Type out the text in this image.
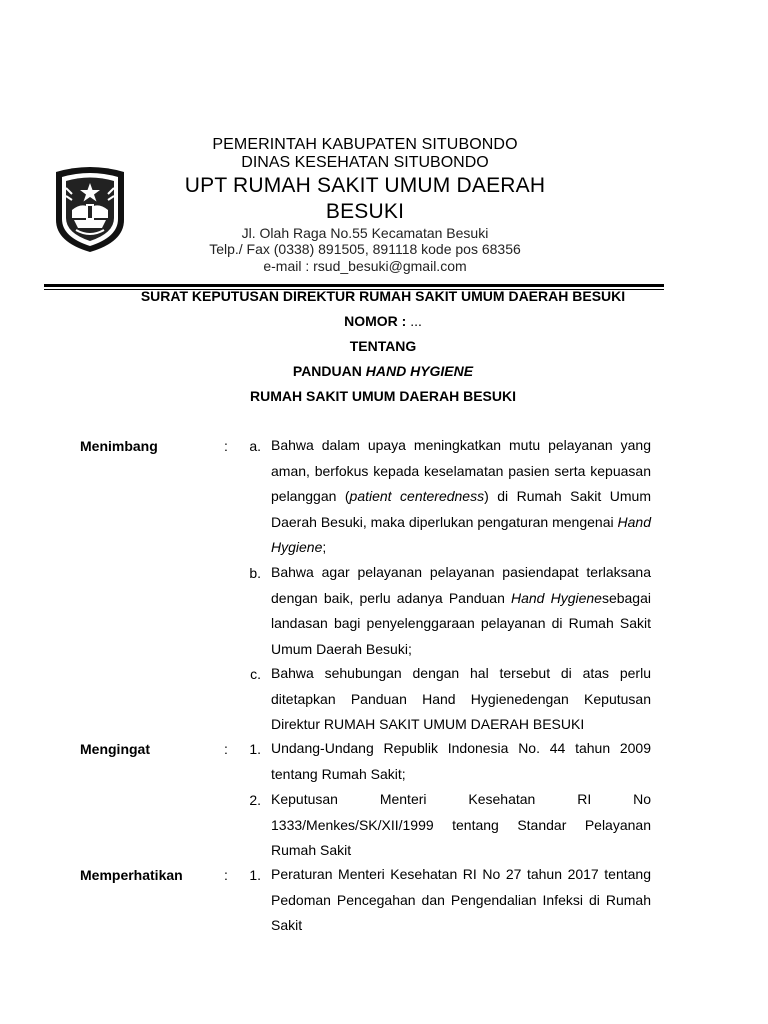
PEMERINTAH KABUPATEN SITUBONDO
DINAS KESEHATAN SITUBONDO
UPT RUMAH SAKIT UMUM DAERAH
BESUKI
Jl. Olah Raga No.55 Kecamatan Besuki
Telp./ Fax (0338) 891505, 891118 kode pos 68356
e-mail : rsud_besuki@gmail.com
SURAT KEPUTUSAN DIREKTUR RUMAH SAKIT UMUM DAERAH BESUKI
NOMOR : ...
TENTANG
PANDUAN HAND HYGIENE
RUMAH SAKIT UMUM DAERAH BESUKI
Menimbang	:	a. Bahwa dalam upaya meningkatkan mutu pelayanan yang aman, berfokus kepada keselamatan pasien serta kepuasan pelanggan (patient centeredness) di Rumah Sakit Umum Daerah Besuki, maka diperlukan pengaturan mengenai Hand Hygiene;
b. Bahwa agar pelayanan pelayanan pasiendapat terlaksana dengan baik, perlu adanya Panduan Hand Hygienesebagai landasan bagi penyelenggaraan pelayanan di Rumah Sakit Umum Daerah Besuki;
c. Bahwa sehubungan dengan hal tersebut di atas perlu ditetapkan Panduan Hand Hygienedengan Keputusan Direktur RUMAH SAKIT UMUM DAERAH BESUKI
Mengingat	:	1. Undang-Undang Republik Indonesia No. 44 tahun 2009 tentang Rumah Sakit;
2. Keputusan Menteri Kesehatan RI No 1333/Menkes/SK/XII/1999 tentang Standar Pelayanan Rumah Sakit
Memperhatikan	:	1. Peraturan Menteri Kesehatan RI No 27 tahun 2017 tentang Pedoman Pencegahan dan Pengendalian Infeksi di Rumah Sakit
